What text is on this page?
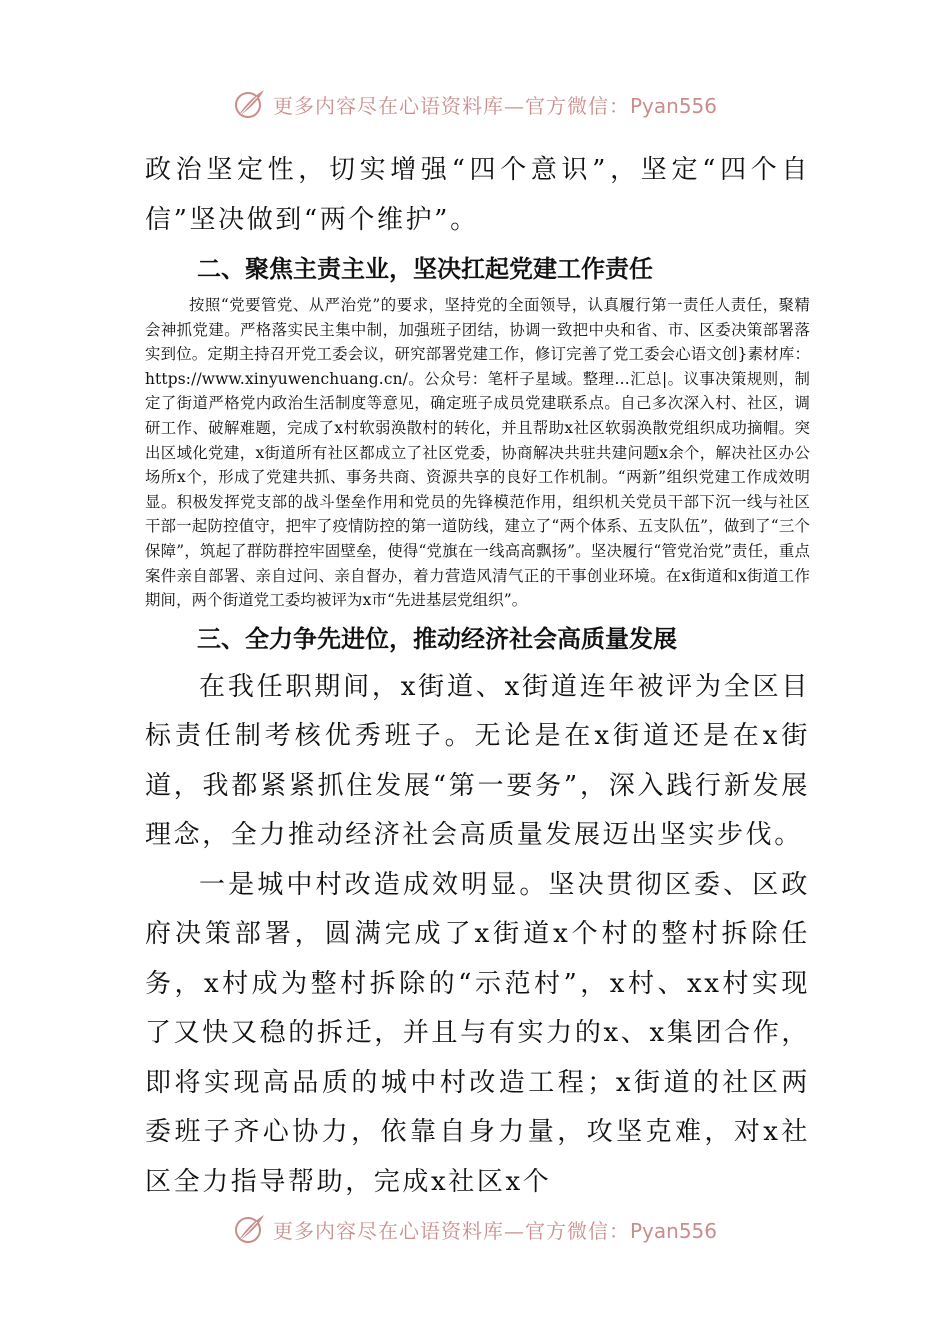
更多内容尽在心语资料库—官方微信：Pyan556

政治坚定性，切实增强“四个意识”，坚定“四个自信”坚决做到“两个维护”。

二、聚焦主责主业，坚决扛起党建工作责任

按照“党要管党、从严治党”的要求，坚持党的全面领导，认真履行第一责任人责任，聚精会神抓党建。严格落实民主集中制，加强班子团结，协调一致把中央和省、市、区委决策部署落实到位。定期主持召开党工委会议，研究部署党建工作，修订完善了党工委会心语文创}素材库：https://www.xinyuwenchuang.cn/。公众号：笔杆子星域。整理…汇总|。议事决策规则，制定了街道严格党内政治生活制度等意见，确定班子成员党建联系点。自己多次深入村、社区，调研工作、破解难题，完成了x村软弱涣散村的转化，并且帮助x社区软弱涣散党组织成功摘帽。突出区域化党建，x街道所有社区都成立了社区党委，协商解决共驻共建问题x余个，解决社区办公场所x个，形成了党建共抓、事务共商、资源共享的良好工作机制。“两新”组织党建工作成效明显。积极发挥党支部的战斗堡垒作用和党员的先锋模范作用，组织机关党员干部下沉一线与社区干部一起防控值守，把牢了疫情防控的第一道防线，建立了“两个体系、五支队伍”，做到了“三个保障”，筑起了群防群控牢固壁垒，使得“党旗在一线高高飘扬”。坚决履行“管党治党”责任，重点案件亲自部署、亲自过问、亲自督办，着力营造风清气正的干事创业环境。在x街道和x街道工作期间，两个街道党工委均被评为x市“先进基层党组织”。

三、全力争先进位，推动经济社会高质量发展

在我任职期间，x街道、x街道连年被评为全区目标责任制考核优秀班子。无论是在x街道还是在x街道，我都紧紧抓住发展“第一要务”，深入践行新发展理念，全力推动经济社会高质量发展迈出坚实步伐。

一是城中村改造成效明显。坚决贯彻区委、区政府决策部署，圆满完成了x街道x个村的整村拆除任务，x村成为整村拆除的“示范村”，x村、xx村实现了又快又稳的拆迁，并且与有实力的x、x集团合作，即将实现高品质的城中村改造工程；x街道的社区两委班子齐心协力，依靠自身力量，攻坚克难，对x社区全力指导帮助，完成x社区x个

更多内容尽在心语资料库—官方微信：Pyan556
